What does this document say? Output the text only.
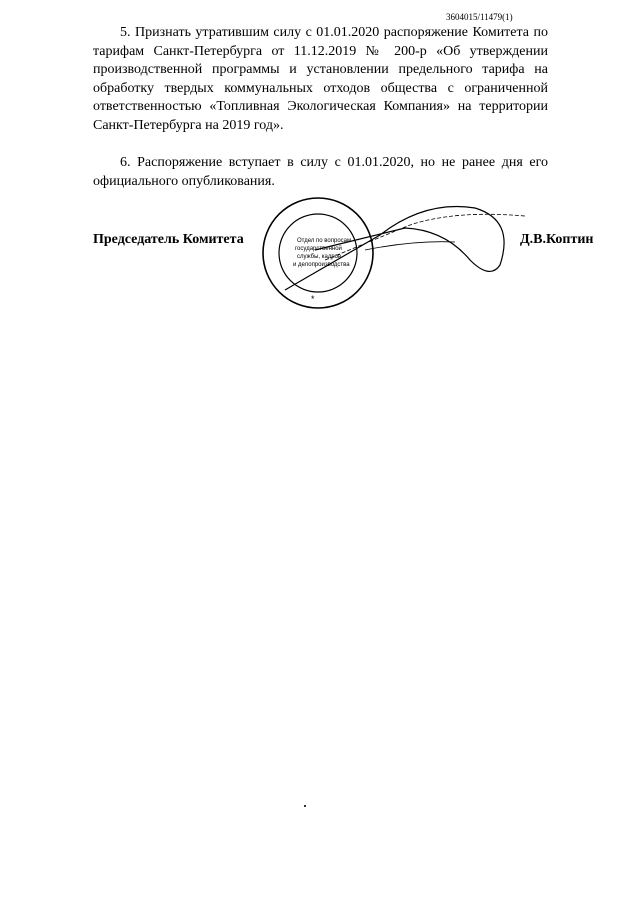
3604015/11479(1)
5. Признать утратившим силу с 01.01.2020 распоряжение Комитета по тарифам Санкт-Петербурга от 11.12.2019 № 200-р «Об утверждении производственной программы и установлении предельного тарифа на обработку твердых коммунальных отходов общества с ограниченной ответственностью «Топливная Экологическая Компания» на территории Санкт-Петербурга на 2019 год».
6. Распоряжение вступает в силу с 01.01.2020, но не ранее дня его официального опубликования.
Председатель Комитета	Д.В.Коптин
Отдел по вопросам
государственной
службы, кадров
и делопроизводства
*
